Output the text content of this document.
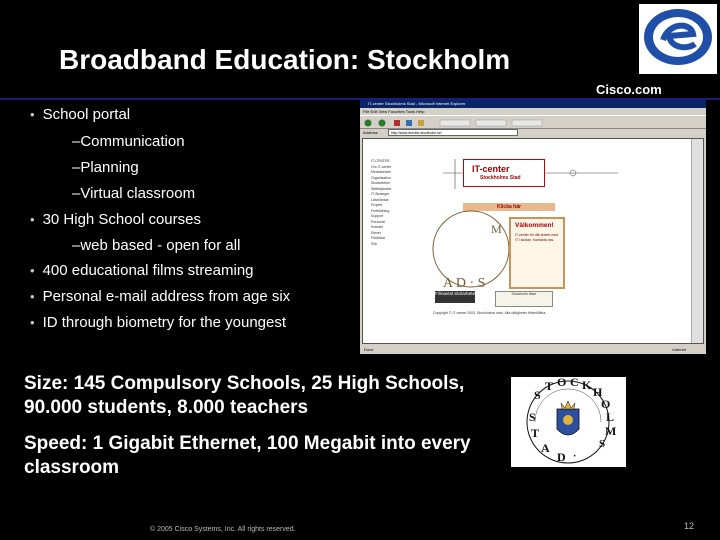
Broadband Education: Stockholm
Cisco.com
• School portal
–Communication
–Planning
–Virtual classroom
• 30 High School courses
–web based - open for all
• 400 educational films streaming
• Personal e-mail address from age six
• ID through biometry for the youngest
IT-center Stockholms Stad - Microsoft Internet Explorer
File Edit View Favorites Tools Help
Address	http://www.itcenter.stockholm.se/
IT-CENTER
Om IT-center
Medarbetare
Organisation
Skolwebben
Webbtjänster
IT-Strateger
Lärarlänkar
Projekt
Fortbildning
Support
Personal
Kontakt
Elever
Föräldrar
Sök
IT-center
Stockholms Stad
Klicka här
A D · S
M Välkommen!
IT-center för ditt arbete med IT i skolan. Kontakta oss.
Filmavtal skolarbete	Stockholm läser
Copyright © IT-center 2003. Stockholms stad. Alla rättigheter förbehållna.
Done	Internet
Size: 145 Compulsory Schools, 25 High Schools, 90.000 students, 8.000 teachers
Speed: 1 Gigabit Ethernet, 100 Megabit into every classroom
S
T O C K H
O
L
M
S
S
T
A
D ·
© 2005 Cisco Systems, Inc. All rights reserved.	12
